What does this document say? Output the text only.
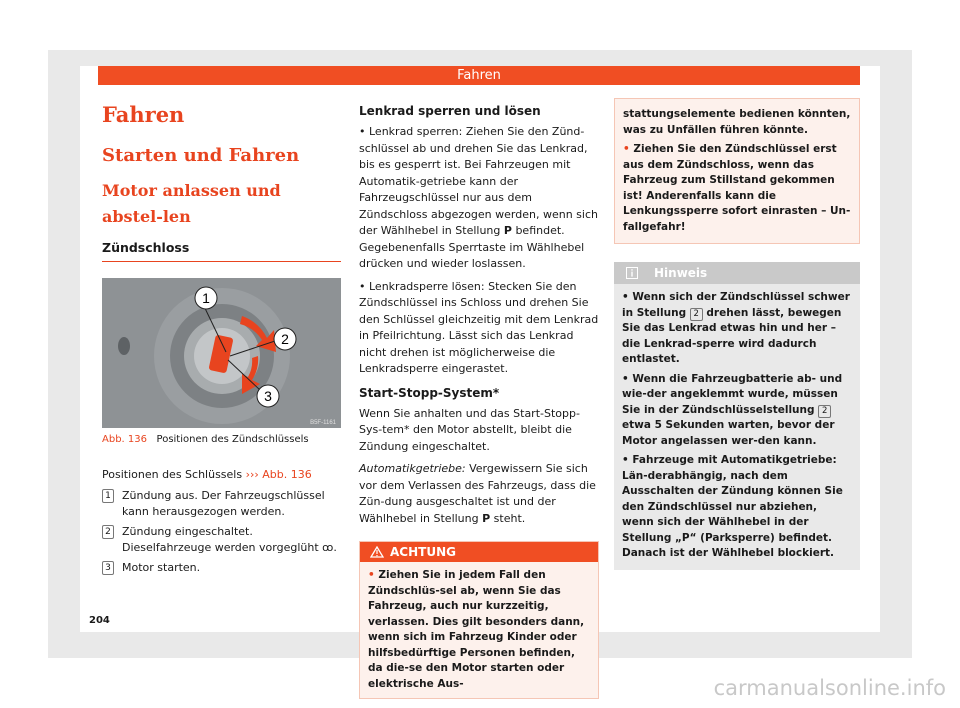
Fahren
Fahren
Starten und Fahren
Motor anlassen und abstel-len
Zündschloss
1
2
3
B5F-1161
Abb. 136 Positionen des Zündschlüssels

Positionen des Schlüssels ››› Abb. 136

1 Zündung aus. Der Fahrzeugschlüssel kann herausgezogen werden.
2 Zündung eingeschaltet. Dieselfahrzeuge werden vorgeglüht ꝏ.
3 Motor starten.
Lenkrad sperren und lösen

• Lenkrad sperren: Ziehen Sie den Zünd-schlüssel ab und drehen Sie das Lenkrad, bis es gesperrt ist. Bei Fahrzeugen mit Automatik-getriebe kann der Fahrzeugschlüssel nur aus dem Zündschloss abgezogen werden, wenn sich der Wählhebel in Stellung P befindet. Gegebenenfalls Sperrtaste im Wählhebel drücken und wieder loslassen.

• Lenkradsperre lösen: Stecken Sie den Zündschlüssel ins Schloss und drehen Sie den Schlüssel gleichzeitig mit dem Lenkrad in Pfeilrichtung. Lässt sich das Lenkrad nicht drehen ist möglicherweise die Lenkradsperre eingerastet.

Start-Stopp-System*

Wenn Sie anhalten und das Start-Stopp-Sys-tem* den Motor abstellt, bleibt die Zündung eingeschaltet.

Automatikgetriebe: Vergewissern Sie sich vor dem Verlassen des Fahrzeugs, dass die Zün-dung ausgeschaltet ist und der Wählhebel in Stellung P steht.

ACHTUNG
• Ziehen Sie in jedem Fall den Zündschlüs-sel ab, wenn Sie das Fahrzeug, auch nur kurzzeitig, verlassen. Dies gilt besonders dann, wenn sich im Fahrzeug Kinder oder hilfsbedürftige Personen befinden, da die-se den Motor starten oder elektrische Aus-
stattungselemente bedienen könnten, was zu Unfällen führen könnte.
• Ziehen Sie den Zündschlüssel erst aus dem Zündschloss, wenn das Fahrzeug zum Stillstand gekommen ist! Anderenfalls kann die Lenkungssperre sofort einrasten – Un-fallgefahr!
Hinweis
• Wenn sich der Zündschlüssel schwer in Stellung 2 drehen lässt, bewegen Sie das Lenkrad etwas hin und her – die Lenkrad-sperre wird dadurch entlastet.
• Wenn die Fahrzeugbatterie ab- und wie-der angeklemmt wurde, müssen Sie in der Zündschlüsselstellung 2 etwa 5 Sekunden warten, bevor der Motor angelassen wer-den kann.
• Fahrzeuge mit Automatikgetriebe: Län-derabhängig, nach dem Ausschalten der Zündung können Sie den Zündschlüssel nur abziehen, wenn sich der Wählhebel in der Stellung „P“ (Parksperre) befindet. Danach ist der Wählhebel blockiert.
204
carmanualsonline.info
